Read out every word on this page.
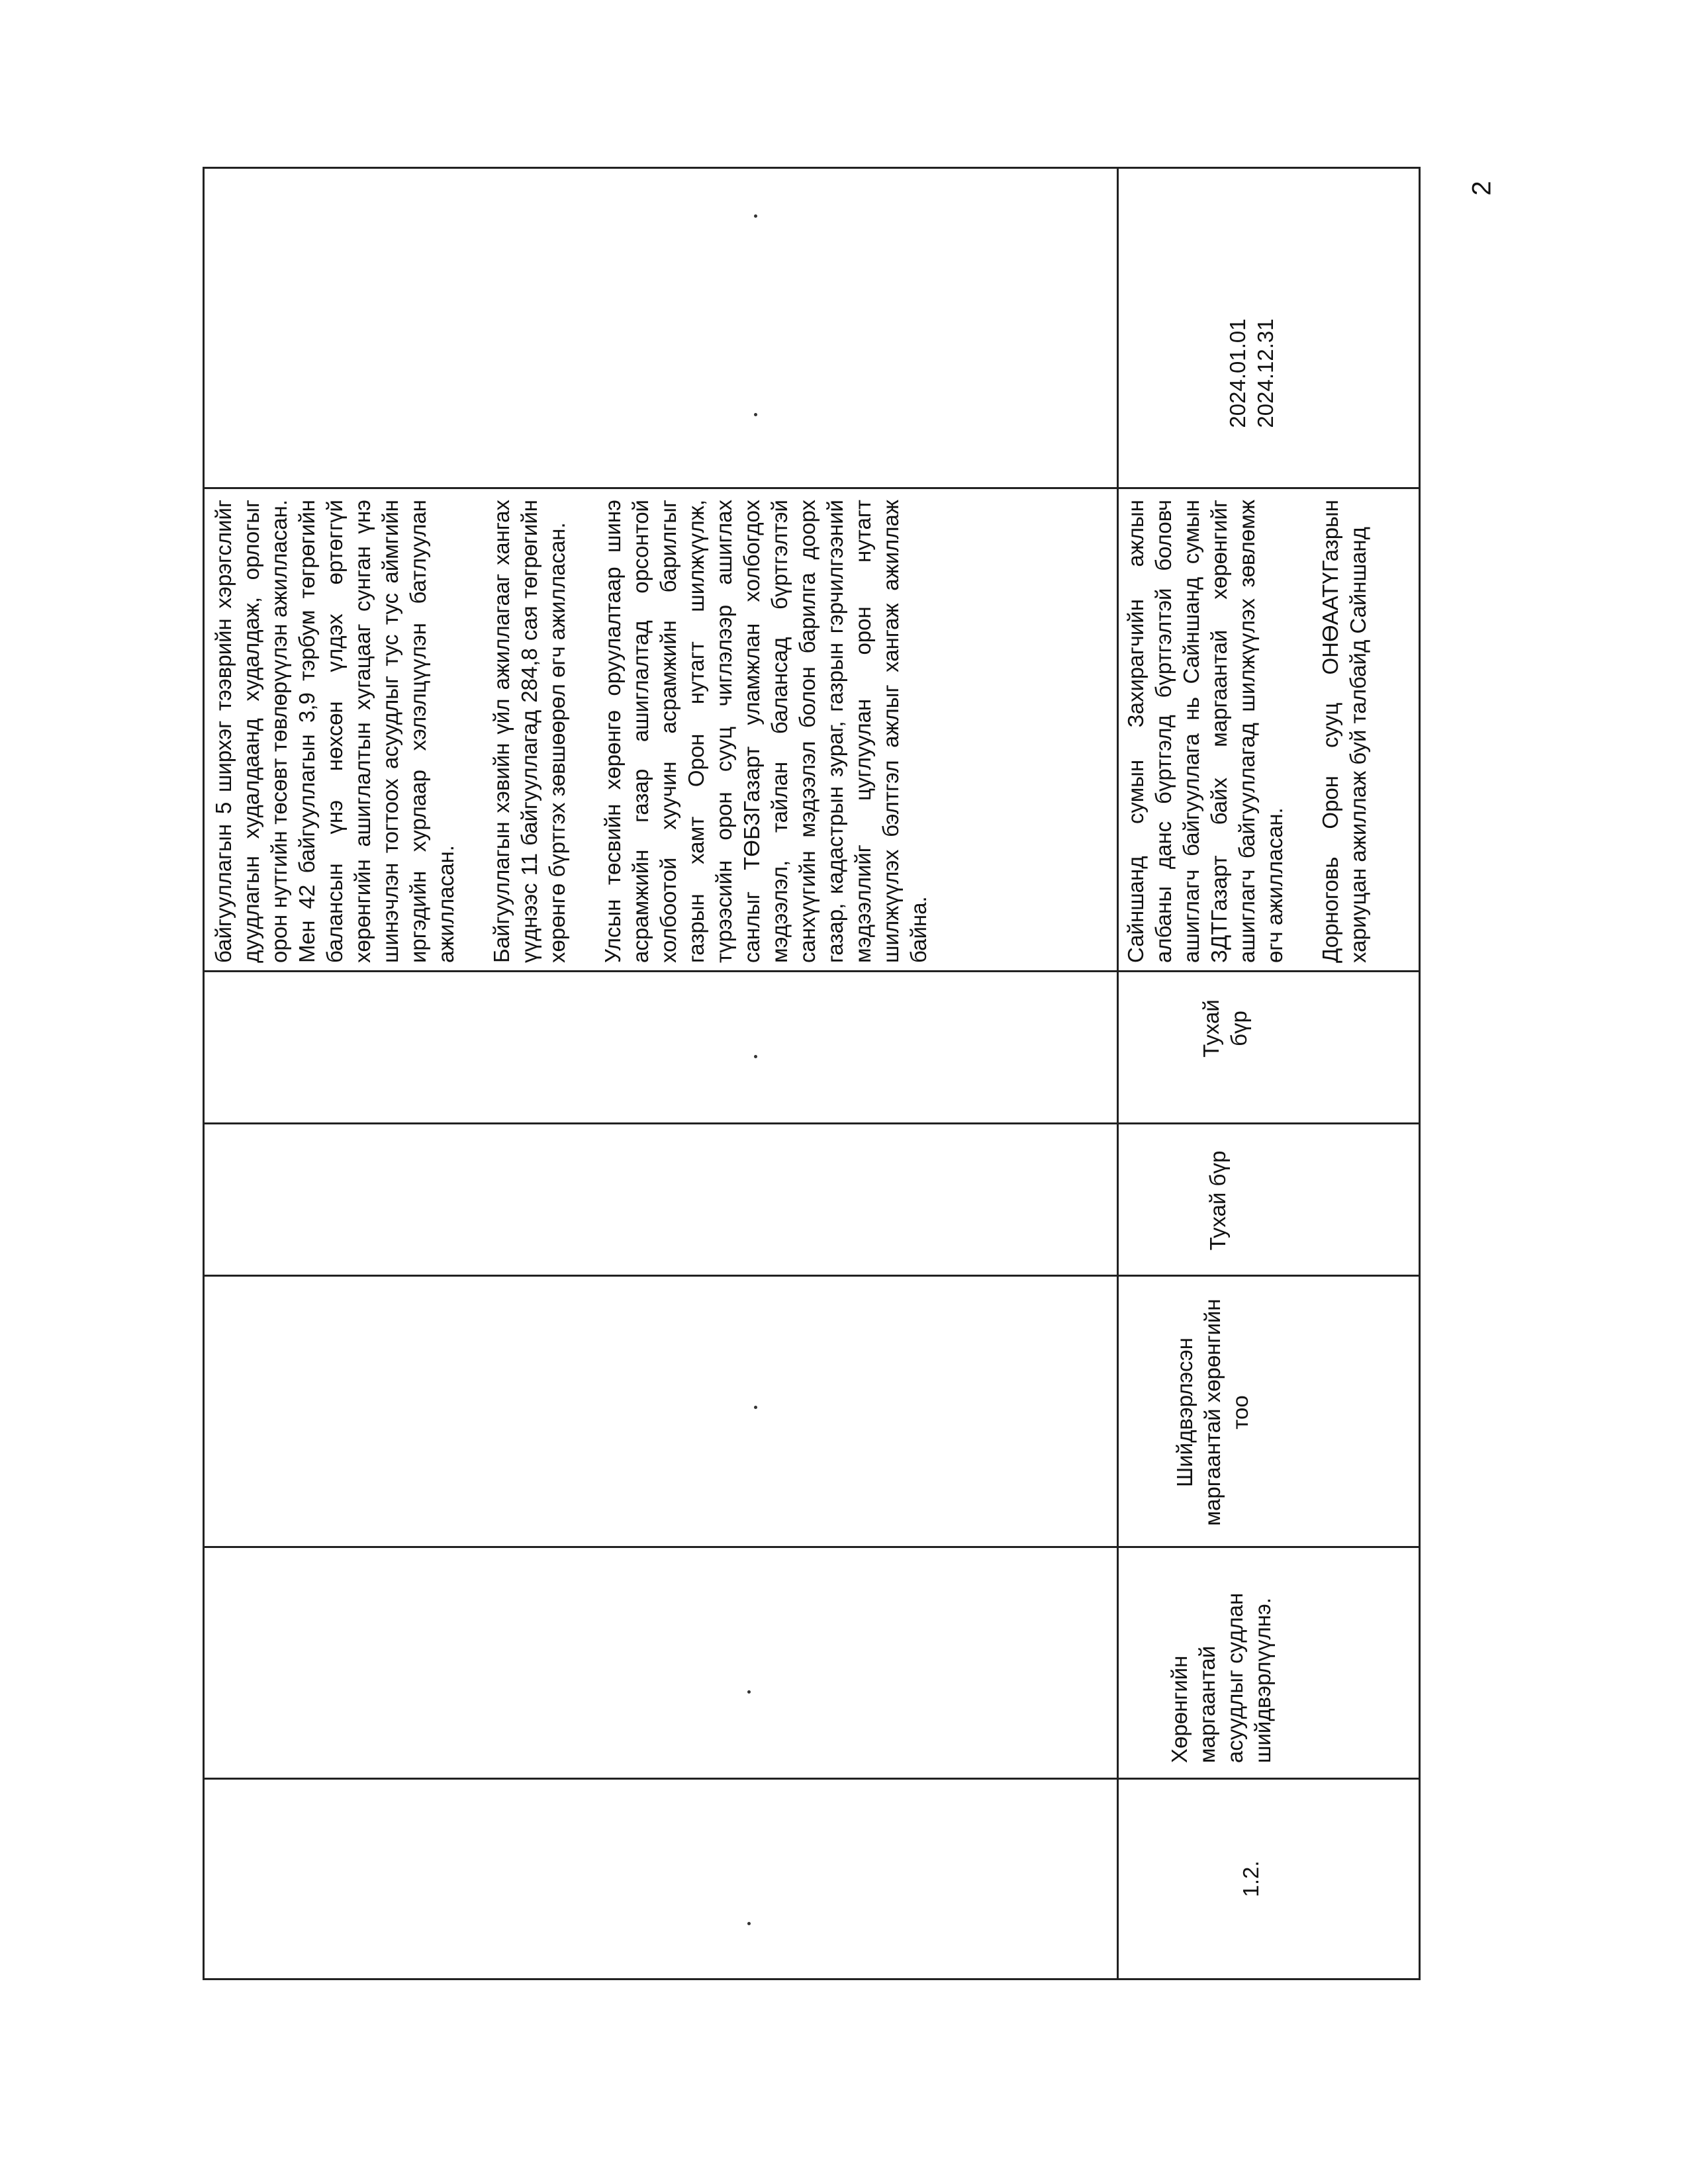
байгууллагын 5 ширхэг тээврийн хэрэгслийг дуудлагын худалдаанд худалдаж, орлогыг орон нутгийн төсөвт төвлөрүүлэн ажилласан. Мен 42 байгууллагын 3,9 тэрбум төгрөгийн балансын үнэ нөхсөн үлдэх өртөггүй хөрөнгийн ашиглалтын хугацааг сунган үнэ шинэчлэн тогтоох асуудлыг тус тус аймгийн иргэдийн хурлаар хэлэлцүүлэн батлуулан ажилласан. Байгууллагын хэвийн үйл ажиллагааг хангах үүднээс 11 байгууллагад 284,8 сая төгрөгийн хөрөнгө бүртгэх зөвшөөрөл өгч ажилласан. Улсын төсвийн хөрөнгө оруулалтаар шинэ асрамжийн газар ашиглалтад орсонтой холбоотой хуучин асрамжийн барилгыг газрын хамт Орон нутагт шилжүүлж, түрээсийн орон сууц чиглэлээр ашиглах санлыг ТӨБЗГазарт уламжлан холбогдох мэдээлэл, тайлан балансад бүртгэлтэй санхүүгийн мэдээлэл болон барилга доорх газар, кадастрын зураг, газрын гэрчилгээний мэдээллийг цуглуулан орон нутагт шилжүүлэх бэлтгэл ажлыг хангаж ажиллаж байна.

1.2.
Хөрөнгийн маргаантай асуудлыг судлан шийдвэрлүүлнэ.
Шийдвэрлэсэн маргаантай хөрөнгийн тоо
Тухай бүр
Тухай бүр

Сайншанд сумын Захирагчийн ажлын албаны данс бүртгэлд бүртгэлтэй боловч ашиглагч байгууллага нь Сайншанд сумын ЗДТГазарт байх маргаантай хөрөнгийг ашиглагч байгууллагад шилжүүлэх зөвлөмж өгч ажилласан. Дорноговь Орон сууц ОНӨААТҮГазрын хариуцан ажиллаж буй талбайд Сайншанд

2024.01.01 2024.12.31
2
